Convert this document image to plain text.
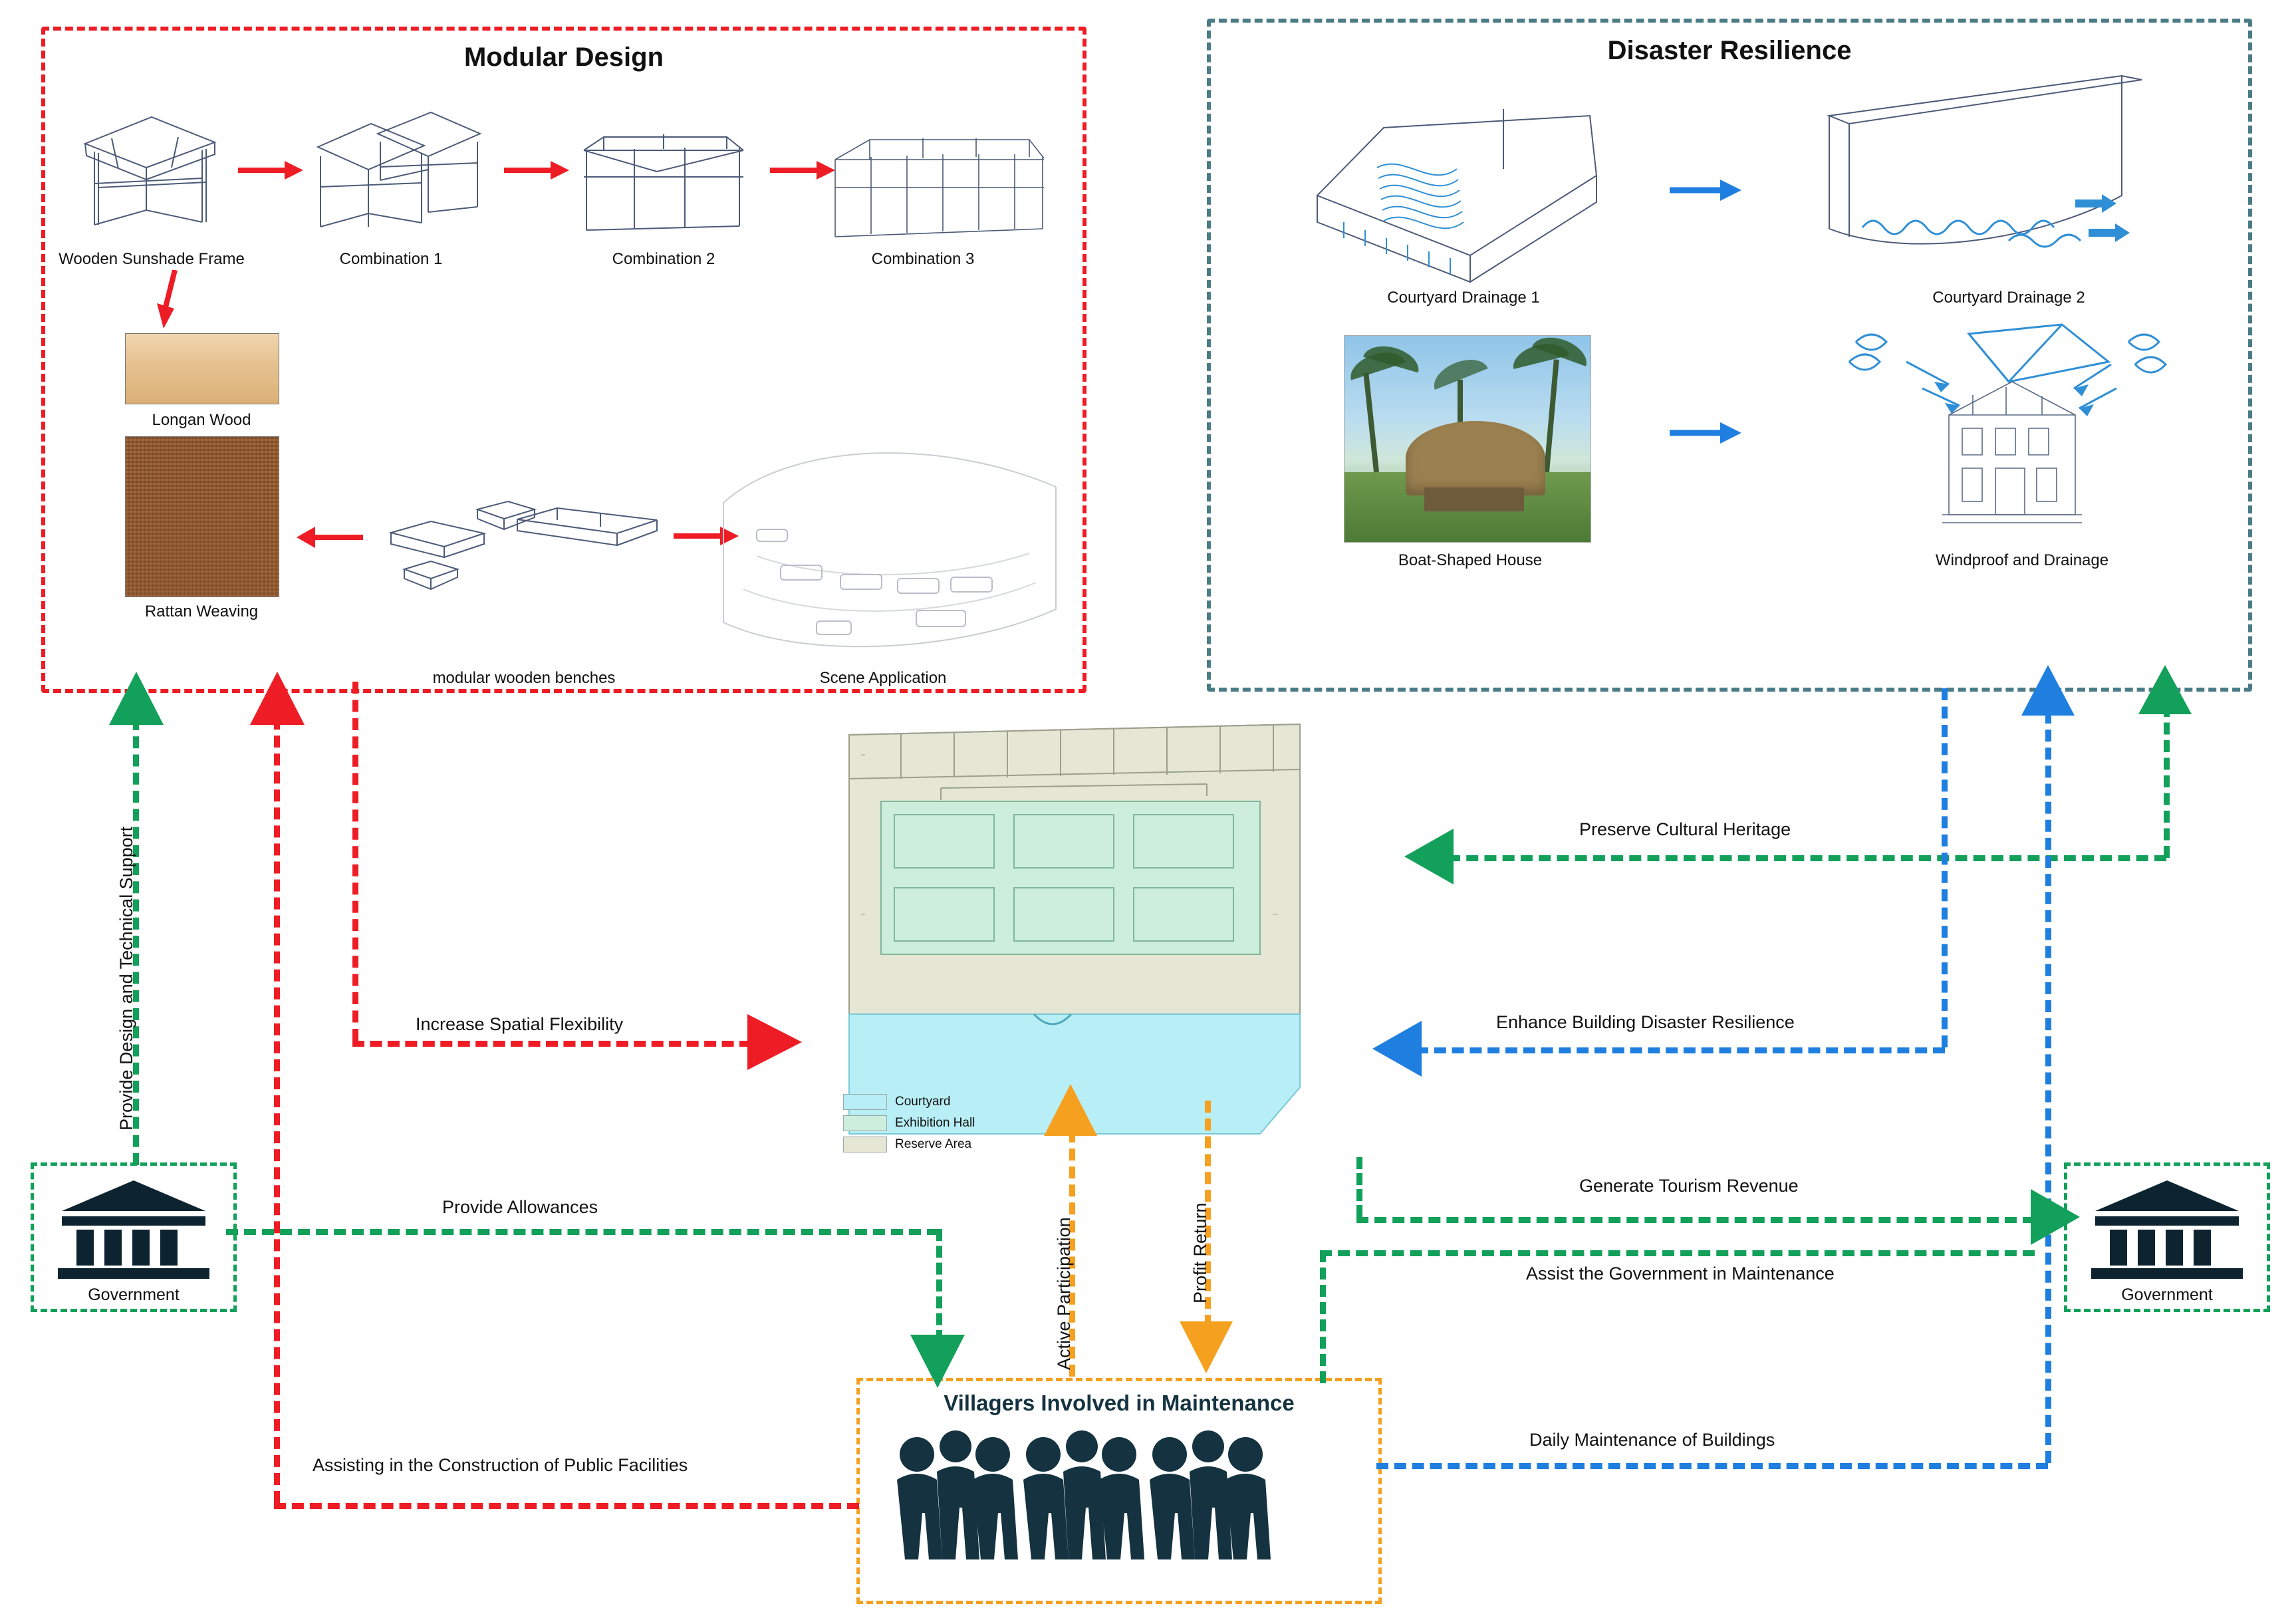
Modular Design
Wooden Sunshade Frame	Combination 1	Combination 2	Combination 3
Longan Wood
Rattan Weaving
modular wooden benches	Scene Application
Disaster Resilience
Courtyard Drainage 1	Courtyard Drainage 2
Boat-Shaped House	Windproof and Drainage
Courtyard
Exhibition Hall
Reserve Area
Government	Government
Villagers Involved in Maintenance
Provide Design and Technical Support
Assisting in the Construction of Public Facilities
Increase Spatial Flexibility
Provide Allowances
Active Participation	Profit Return
Preserve Cultural Heritage
Enhance Building Disaster Resilience
Daily Maintenance of Buildings
Generate Tourism Revenue
Assist the Government in Maintenance
